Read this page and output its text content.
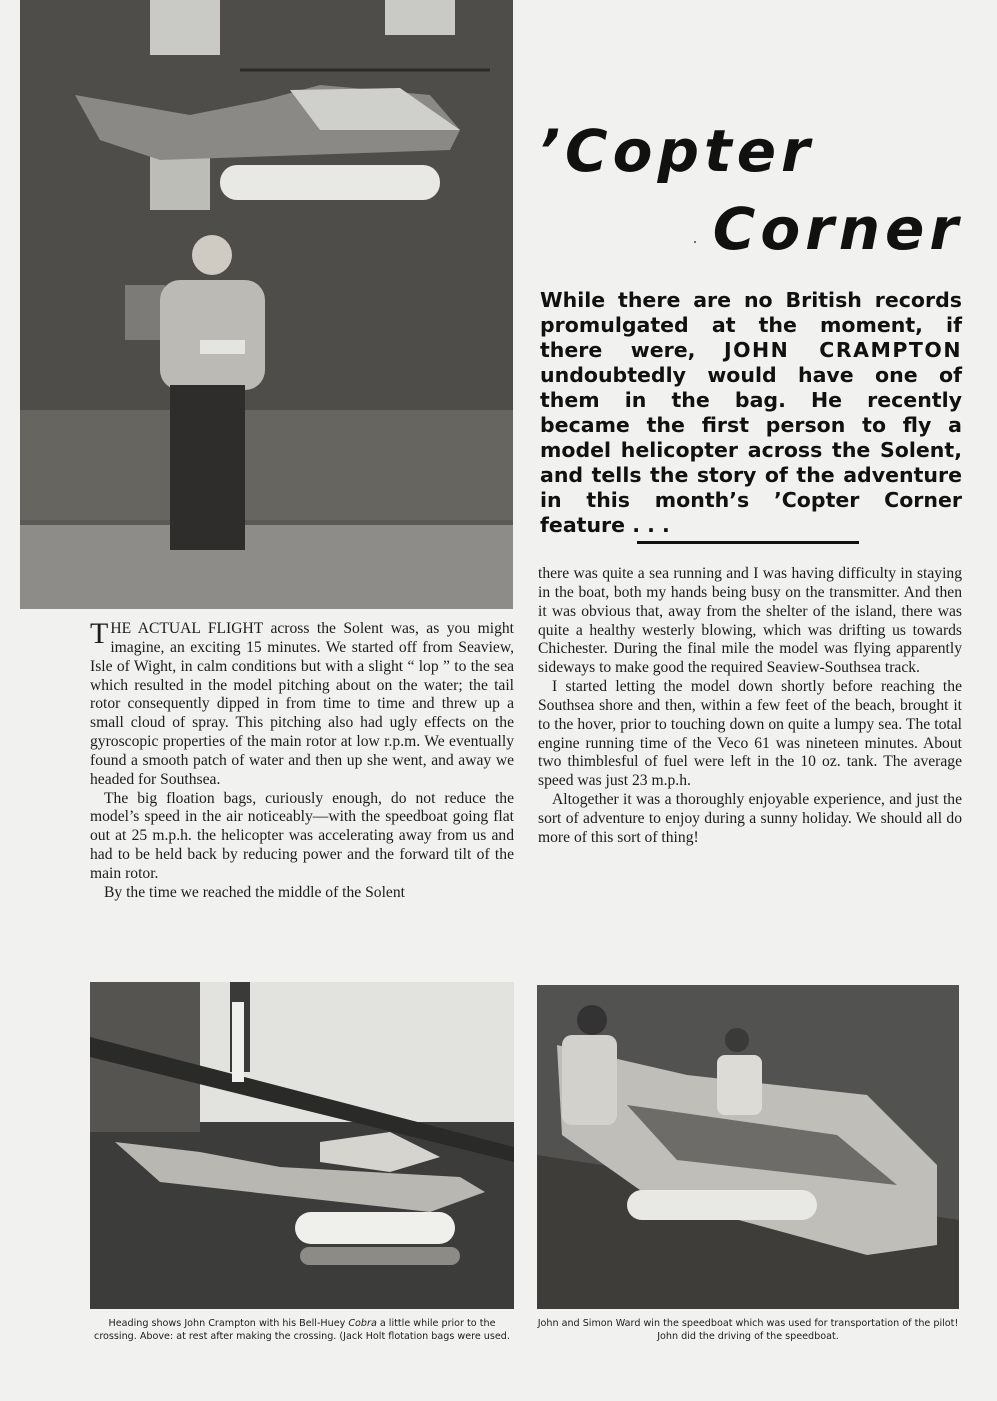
’Copter
Corner
While there are no British records promulgated at the moment, if there were, JOHN CRAMPTON undoubtedly would have one of them in the bag. He recently became the first person to fly a model helicopter across the Solent, and tells the story of the adventure in this month’s ’Copter Corner feature . . .

THE ACTUAL FLIGHT across the Solent was, as you might imagine, an exciting 15 minutes. We started off from Seaview, Isle of Wight, in calm conditions but with a slight “ lop ” to the sea which resulted in the model pitching about on the water; the tail rotor consequently dipped in from time to time and threw up a small cloud of spray. This pitching also had ugly effects on the gyroscopic properties of the main rotor at low r.p.m. We eventually found a smooth patch of water and then up she went, and away we headed for Southsea.

The big floation bags, curiously enough, do not reduce the model’s speed in the air noticeably—with the speedboat going flat out at 25 m.p.h. the helicopter was accelerating away from us and had to be held back by reducing power and the forward tilt of the main rotor.

By the time we reached the middle of the Solent

there was quite a sea running and I was having difficulty in staying in the boat, both my hands being busy on the transmitter. And then it was obvious that, away from the shelter of the island, there was quite a healthy westerly blowing, which was drifting us towards Chichester. During the final mile the model was flying apparently sideways to make good the required Seaview-Southsea track.

I started letting the model down shortly before reaching the Southsea shore and then, within a few feet of the beach, brought it to the hover, prior to touching down on quite a lumpy sea. The total engine running time of the Veco 61 was nineteen minutes. About two thimblesful of fuel were left in the 10 oz. tank. The average speed was just 23 m.p.h.

Altogether it was a thoroughly enjoyable experience, and just the sort of adventure to enjoy during a sunny holiday. We should all do more of this sort of thing!

Heading shows John Crampton with his Bell-Huey Cobra a little while prior to the crossing. Above: at rest after making the crossing. (Jack Holt flotation bags were used.
John and Simon Ward win the speedboat which was used for transportation of the pilot! John did the driving of the speedboat.
